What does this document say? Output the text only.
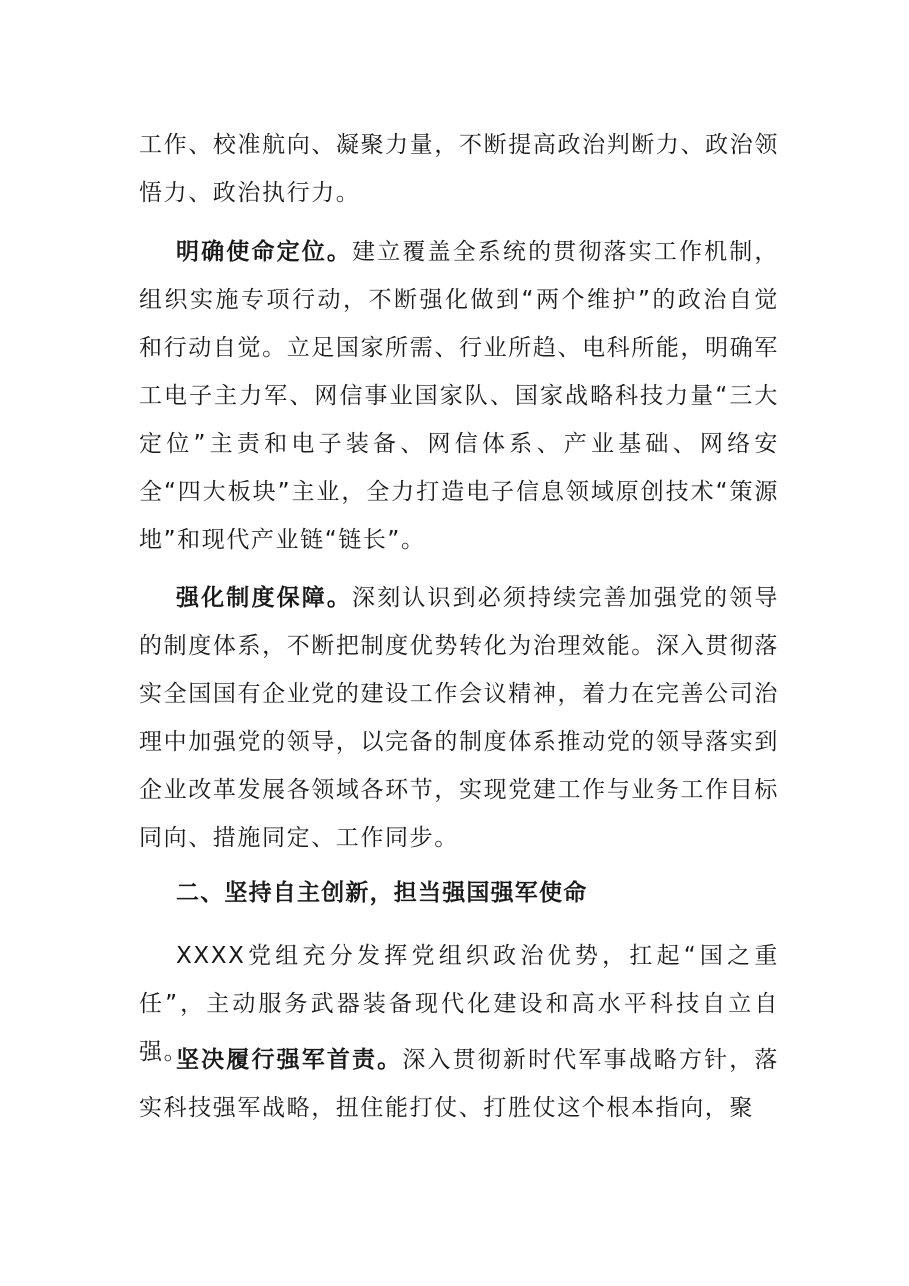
工作、校准航向、凝聚力量，不断提高政治判断力、政治领悟力、政治执行力。

明确使命定位。建立覆盖全系统的贯彻落实工作机制，组织实施专项行动，不断强化做到“两个维护”的政治自觉和行动自觉。立足国家所需、行业所趋、电科所能，明确军工电子主力军、网信事业国家队、国家战略科技力量“三大定位”主责和电子装备、网信体系、产业基础、网络安全“四大板块”主业，全力打造电子信息领域原创技术“策源地”和现代产业链“链长”。

强化制度保障。深刻认识到必须持续完善加强党的领导的制度体系，不断把制度优势转化为治理效能。深入贯彻落实全国国有企业党的建设工作会议精神，着力在完善公司治理中加强党的领导，以完备的制度体系推动党的领导落实到企业改革发展各领域各环节，实现党建工作与业务工作目标同向、措施同定、工作同步。

二、坚持自主创新，担当强国强军使命

XXXX党组充分发挥党组织政治优势，扛起“国之重任”，主动服务武器装备现代化建设和高水平科技自立自强。

坚决履行强军首责。深入贯彻新时代军事战略方针，落实科技强军战略，扭住能打仗、打胜仗这个根本指向，聚
